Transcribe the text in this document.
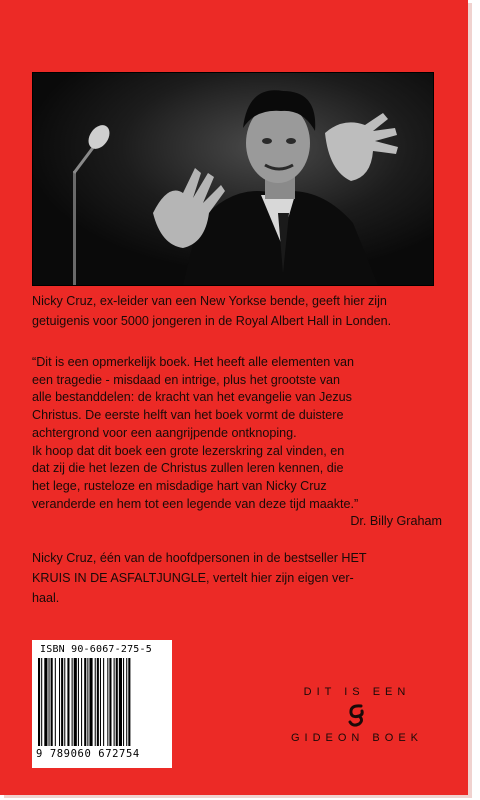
Nicky Cruz, ex-leider van een New Yorkse bende, geeft hier zijn
getuigenis voor 5000 jongeren in de Royal Albert Hall in Londen.
“Dit is een opmerkelijk boek. Het heeft alle elementen van
een tragedie - misdaad en intrige, plus het grootste van
alle bestanddelen: de kracht van het evangelie van Jezus
Christus. De eerste helft van het boek vormt de duistere
achtergrond voor een aangrijpende ontknoping.
Ik hoop dat dit boek een grote lezerskring zal vinden, en
dat zij die het lezen de Christus zullen leren kennen, die
het lege, rusteloze en misdadige hart van Nicky Cruz
veranderde en hem tot een legende van deze tijd maakte.”
Dr. Billy Graham
Nicky Cruz, één van de hoofdpersonen in de bestseller HET
KRUIS IN DE ASFALTJUNGLE, vertelt hier zijn eigen ver-
haal.
ISBN 90-6067-275-5
9 789060 672754
DIT IS EEN
GIDEON BOEK
